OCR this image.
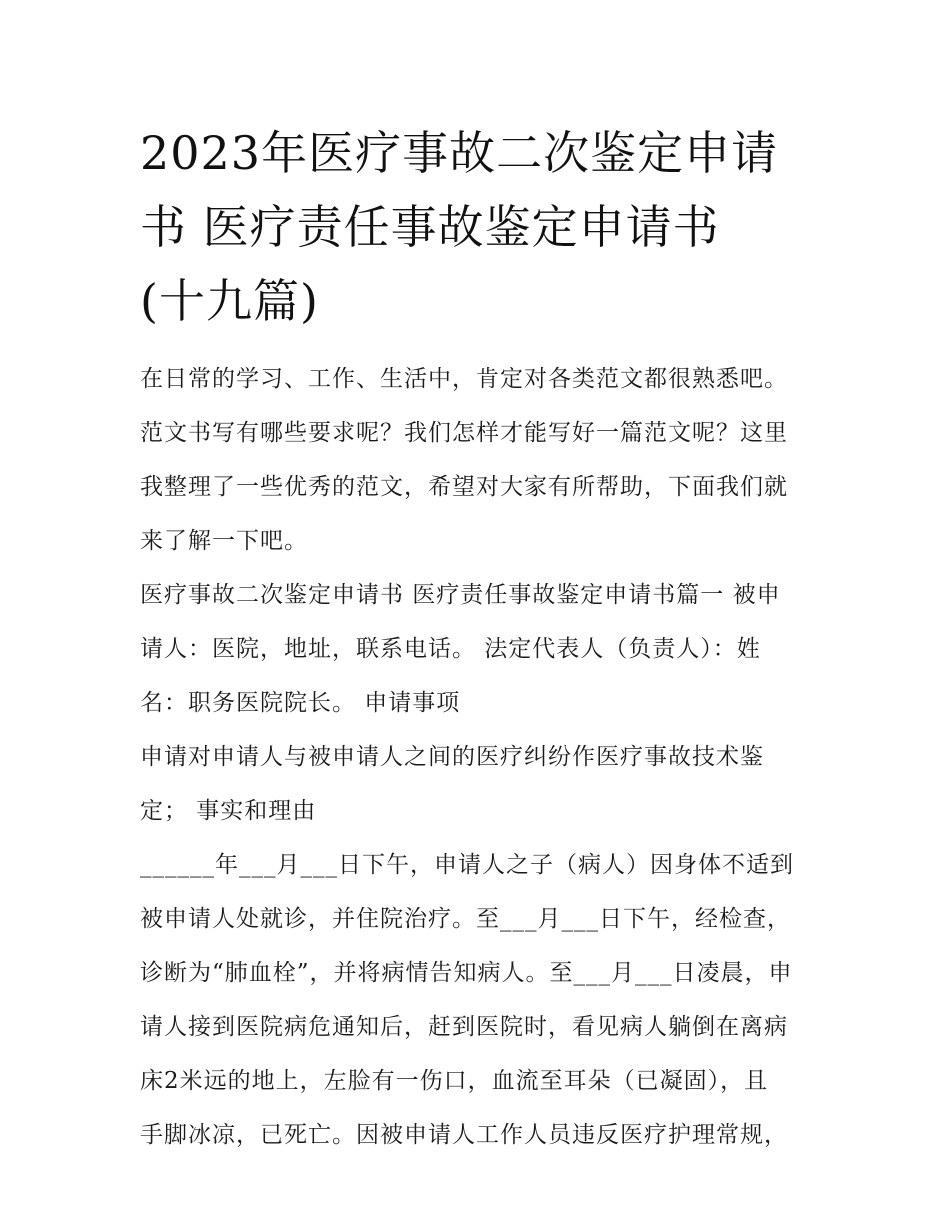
2023年医疗事故二次鉴定申请
书 医疗责任事故鉴定申请书
(十九篇)

在日常的学习、工作、生活中，肯定对各类范文都很熟悉吧。
范文书写有哪些要求呢？我们怎样才能写好一篇范文呢？这里
我整理了一些优秀的范文，希望对大家有所帮助，下面我们就
来了解一下吧。

医疗事故二次鉴定申请书 医疗责任事故鉴定申请书篇一 被申
请人：医院，地址，联系电话。 法定代表人（负责人）：姓
名：职务医院院长。 申请事项

申请对申请人与被申请人之间的医疗纠纷作医疗事故技术鉴
定； 事实和理由

______年___月___日下午，申请人之子（病人）因身体不适到
被申请人处就诊，并住院治疗。至___月___日下午，经检查，
诊断为“肺血栓”，并将病情告知病人。至___月___日凌晨，申
请人接到医院病危通知后，赶到医院时，看见病人躺倒在离病
床2米远的地上，左脸有一伤口，血流至耳朵（已凝固），且
手脚冰凉，已死亡。因被申请人工作人员违反医疗护理常规，
